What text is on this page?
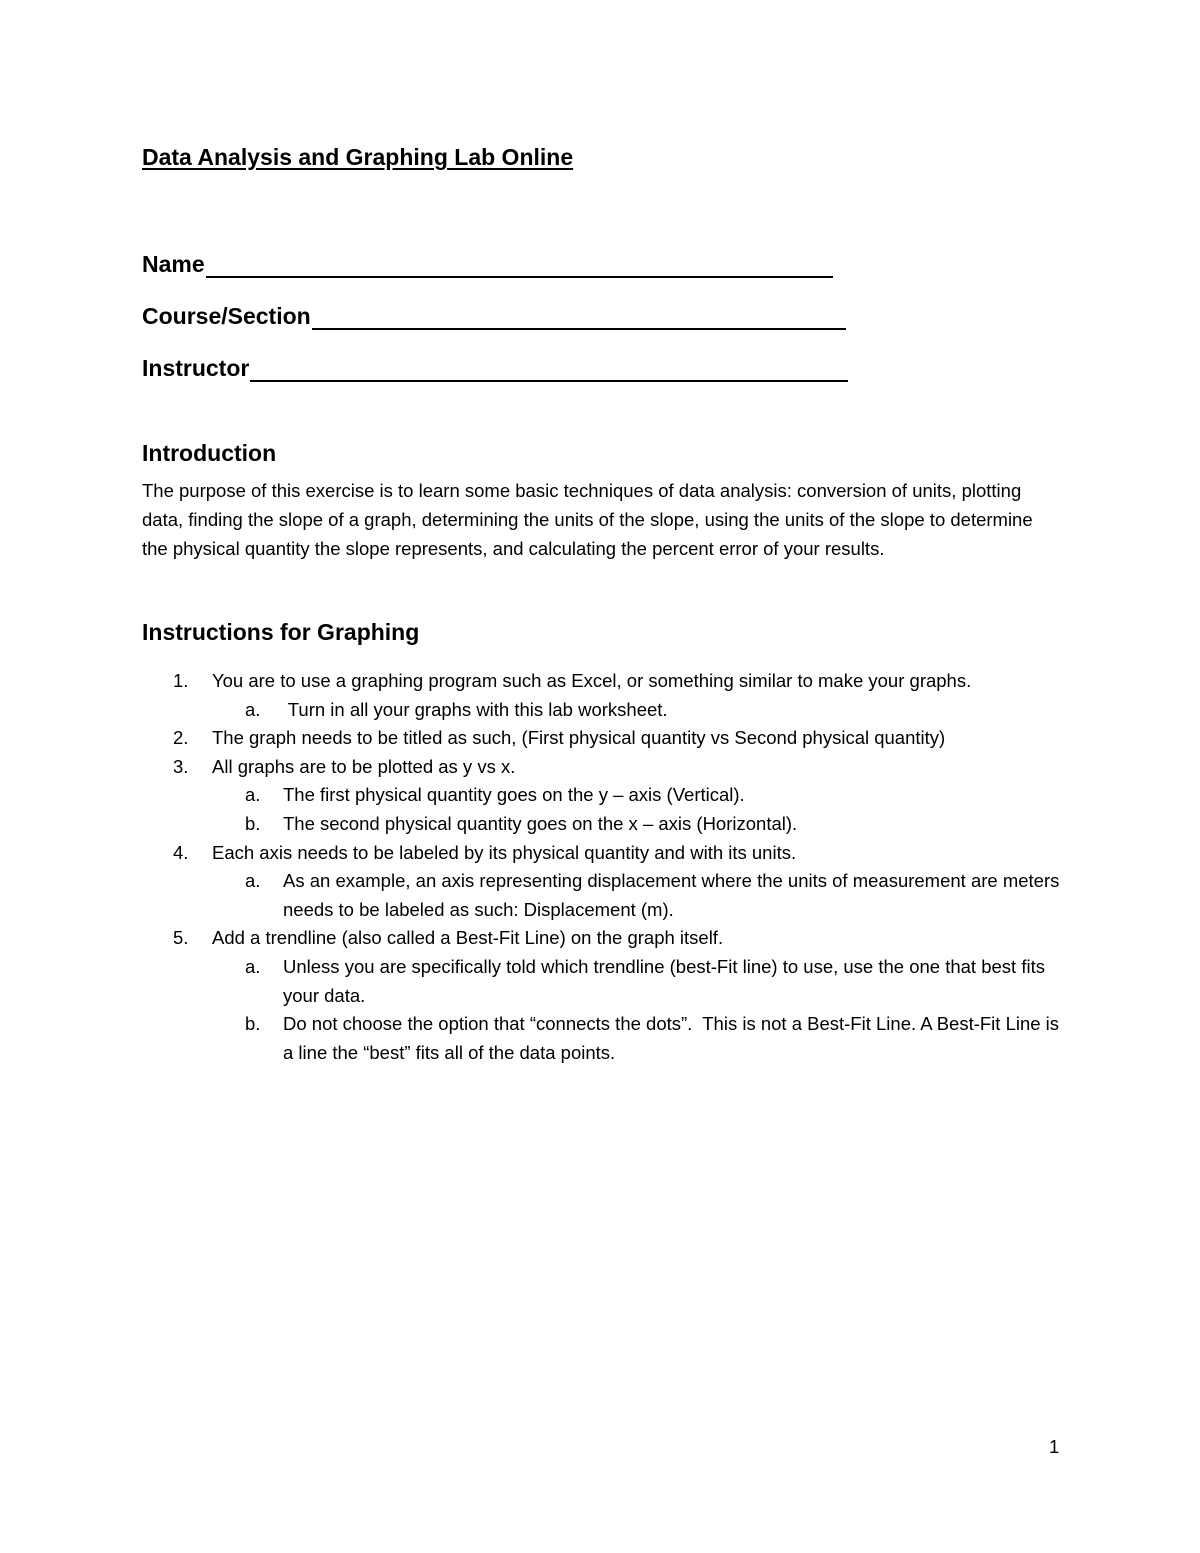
Data Analysis and Graphing Lab Online
Name
Course/Section
Instructor
Introduction
The purpose of this exercise is to learn some basic techniques of data analysis: conversion of units, plotting data, finding the slope of a graph, determining the units of the slope, using the units of the slope to determine the physical quantity the slope represents, and calculating the percent error of your results.
Instructions for Graphing
1. You are to use a graphing program such as Excel, or something similar to make your graphs.
a. Turn in all your graphs with this lab worksheet.
2. The graph needs to be titled as such, (First physical quantity vs Second physical quantity)
3. All graphs are to be plotted as y vs x.
a. The first physical quantity goes on the y – axis (Vertical).
b. The second physical quantity goes on the x – axis (Horizontal).
4. Each axis needs to be labeled by its physical quantity and with its units.
a. As an example, an axis representing displacement where the units of measurement are meters needs to be labeled as such: Displacement (m).
5. Add a trendline (also called a Best-Fit Line) on the graph itself.
a. Unless you are specifically told which trendline (best-Fit line) to use, use the one that best fits your data.
b. Do not choose the option that “connects the dots”.  This is not a Best-Fit Line. A Best-Fit Line is a line the “best” fits all of the data points.
1
